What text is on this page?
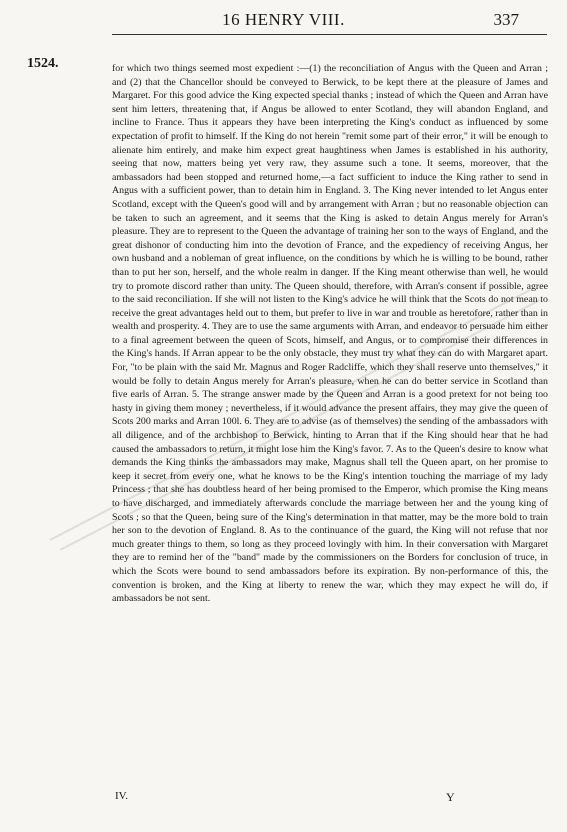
16 HENRY VIII.	337
1524.	for which two things seemed most expedient :—(1) the reconciliation of Angus with the Queen and Arran ; and (2) that the Chancellor should be conveyed to Berwick, to be kept there at the pleasure of James and Margaret. For this good advice the King expected special thanks ; instead of which the Queen and Arran have sent him letters, threatening that, if Angus be allowed to enter Scotland, they will abandon England, and incline to France. Thus it appears they have been interpreting the King's conduct as influenced by some expectation of profit to himself. If the King do not herein "remit some part of their error," it will be enough to alienate him entirely, and make him expect great haughtiness when James is established in his authority, seeing that now, matters being yet very raw, they assume such a tone. It seems, moreover, that the ambassadors had been stopped and returned home,—a fact sufficient to induce the King rather to send in Angus with a sufficient power, than to detain him in England. 3. The King never intended to let Angus enter Scotland, except with the Queen's good will and by arrangement with Arran ; but no reasonable objection can be taken to such an agreement, and it seems that the King is asked to detain Angus merely for Arran's pleasure. They are to represent to the Queen the advantage of training her son to the ways of England, and the great dishonor of conducting him into the devotion of France, and the expediency of receiving Angus, her own husband and a nobleman of great influence, on the conditions by which he is willing to be bound, rather than to put her son, herself, and the whole realm in danger. If the King meant otherwise than well, he would try to promote discord rather than unity. The Queen should, therefore, with Arran's consent if possible, agree to the said reconciliation. If she will not listen to the King's advice he will think that the Scots do not mean to receive the great advantages held out to them, but prefer to live in war and trouble as heretofore, rather than in wealth and prosperity. 4. They are to use the same arguments with Arran, and endeavor to persuade him either to a final agreement between the queen of Scots, himself, and Angus, or to compromise their differences in the King's hands. If Arran appear to be the only obstacle, they must try what they can do with Margaret apart. For, "to be plain with the said Mr. Magnus and Roger Radcliffe, which they shall reserve unto themselves," it would be folly to detain Angus merely for Arran's pleasure, when he can do better service in Scotland than five earls of Arran. 5. The strange answer made by the Queen and Arran is a good pretext for not being too hasty in giving them money ; nevertheless, if it would advance the present affairs, they may give the queen of Scots 200 marks and Arran 100l. 6. They are to advise (as of themselves) the sending of the ambassadors with all diligence, and of the archbishop to Berwick, hinting to Arran that if the King should hear that he had caused the ambassadors to return, it might lose him the King's favor. 7. As to the Queen's desire to know what demands the King thinks the ambassadors may make, Magnus shall tell the Queen apart, on her promise to keep it secret from every one, what he knows to be the King's intention touching the marriage of my lady Princess ; that she has doubtless heard of her being promised to the Emperor, which promise the King means to have discharged, and immediately afterwards conclude the marriage between her and the young king of Scots ; so that the Queen, being sure of the King's determination in that matter, may be the more bold to train her son to the devotion of England. 8. As to the continuance of the guard, the King will not refuse that nor much greater things to them, so long as they proceed lovingly with him. In their conversation with Margaret they are to remind her of the "band" made by the commissioners on the Borders for conclusion of truce, in which the Scots were bound to send ambassadors before its expiration. By non-performance of this, the convention is broken, and the King at liberty to renew the war, which they may expect he will do, if ambassadors be not sent.

IV.	Y
